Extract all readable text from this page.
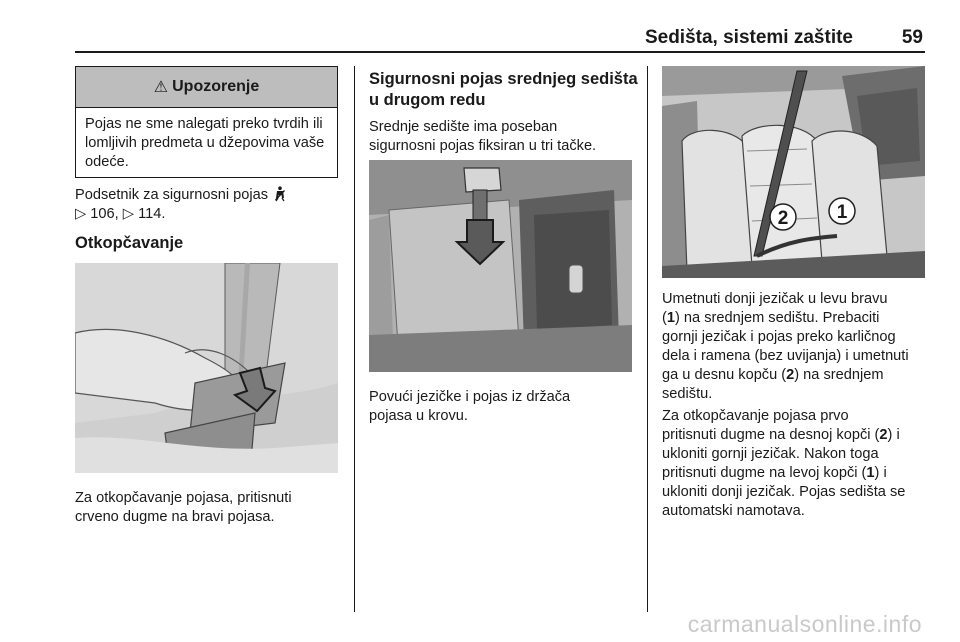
Sedišta, sistemi zaštite	59
⚠ Upozorenje
Pojas ne sme nalegati preko tvrdih ili lomljivih predmeta u džepovima vaše odeće.
Podsetnik za sigurnosni pojas
▷ 106, ▷ 114.
Otkopčavanje
Za otkopčavanje pojasa, pritisnuti
crveno dugme na bravi pojasa.
Sigurnosni pojas srednjeg sedišta
u drugom redu
Srednje sedište ima poseban
sigurnosni pojas fiksiran u tri tačke.
Povući jezičke i pojas iz držača
pojasa u krovu.
2	1
Umetnuti donji jezičak u levu bravu
(1) na srednjem sedištu. Prebaciti
gornji jezičak i pojas preko karličnog
dela i ramena (bez uvijanja) i umetnuti
ga u desnu kopču (2) na srednjem
sedištu.
Za otkopčavanje pojasa prvo
pritisnuti dugme na desnoj kopči (2) i
ukloniti gornji jezičak. Nakon toga
pritisnuti dugme na levoj kopči (1) i
ukloniti donji jezičak. Pojas sedišta se
automatski namotava.
carmanualsonline.info
